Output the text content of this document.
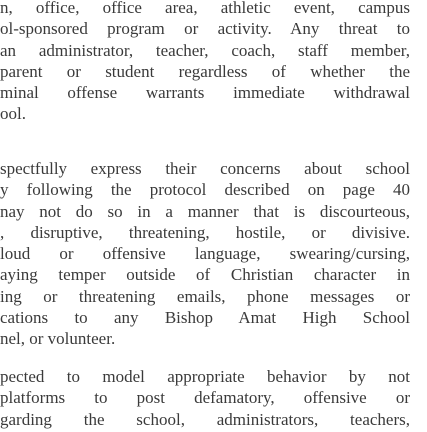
n, office, office area, athletic event, campus
ol-sponsored program or activity. Any threat to
an administrator, teacher, coach, staff member,
parent or student regardless of whether the
minal offense warrants immediate withdrawal
ool.

spectfully express their concerns about school
y following the protocol described on page 40
nay not do so in a manner that is discourteous,
, disruptive, threatening, hostile, or divisive.
loud or offensive language, swearing/cursing,
aying temper outside of Christian character in
ing or threatening emails, phone messages or
cations to any Bishop Amat High School
nel, or volunteer.

pected to model appropriate behavior by not
platforms to post defamatory, offensive or
garding the school, administrators, teachers,
